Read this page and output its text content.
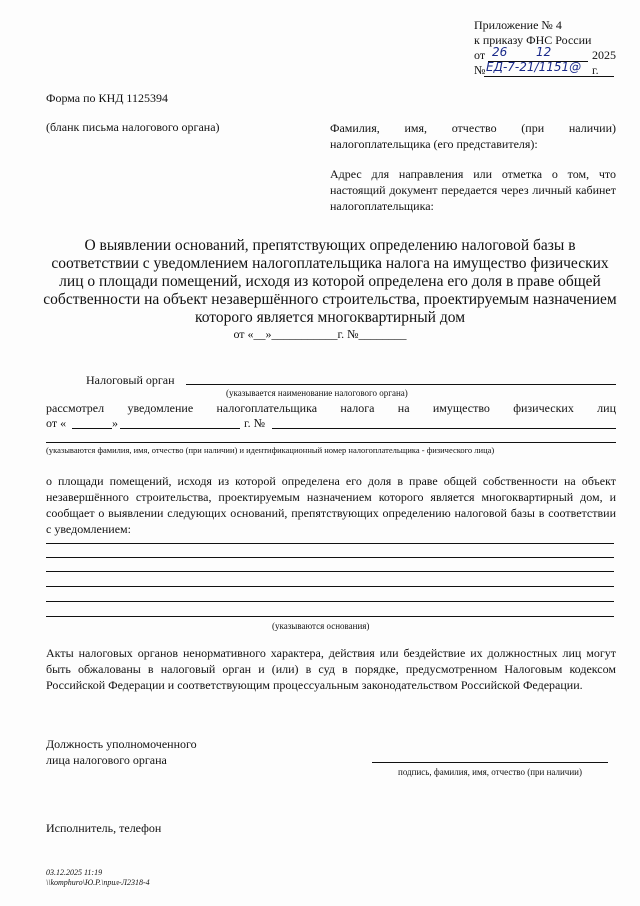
Приложение № 4
к приказу ФНС России
от 26 12	2025 г.
№ ЕД-7-21/1151@
Форма по КНД 1125394
(бланк письма налогового органа)	Фамилия, имя, отчество (при наличии) налогоплательщика (его представителя):
Адрес для направления или отметка о том, что настоящий документ передается через личный кабинет налогоплательщика:
О выявлении оснований, препятствующих определению налоговой базы в соответствии с уведомлением налогоплательщика налога на имущество физических лиц о площади помещений, исходя из которой определена его доля в праве общей собственности на объект незавершённого строительства, проектируемым назначением которого является многоквартирный дом
от «__»___________г. №________
Налоговый орган
(указывается наименование налогового органа)
рассмотрел уведомление налогоплательщика налога на имущество физических лиц
от «	»	г. №
(указываются фамилия, имя, отчество (при наличии) и идентификационный номер налогоплательщика - физического лица)
о площади помещений, исходя из которой определена его доля в праве общей собственности на объект незавершённого строительства, проектируемым назначением которого является многоквартирный дом, и сообщает о выявлении следующих оснований, препятствующих определению налоговой базы в соответствии с уведомлением:
(указываются основания)
Акты налоговых органов ненормативного характера, действия или бездействие их должностных лиц могут быть обжалованы в налоговый орган и (или) в суд в порядке, предусмотренном Налоговым кодексом Российской Федерации и соответствующим процессуальным законодательством Российской Федерации.
Должность уполномоченного
лица налогового органа
подпись, фамилия, имя, отчество (при наличии)
Исполнитель, телефон
03.12.2025 11:19
\\komphuro\Ю.Р.\прил-Л2318-4
